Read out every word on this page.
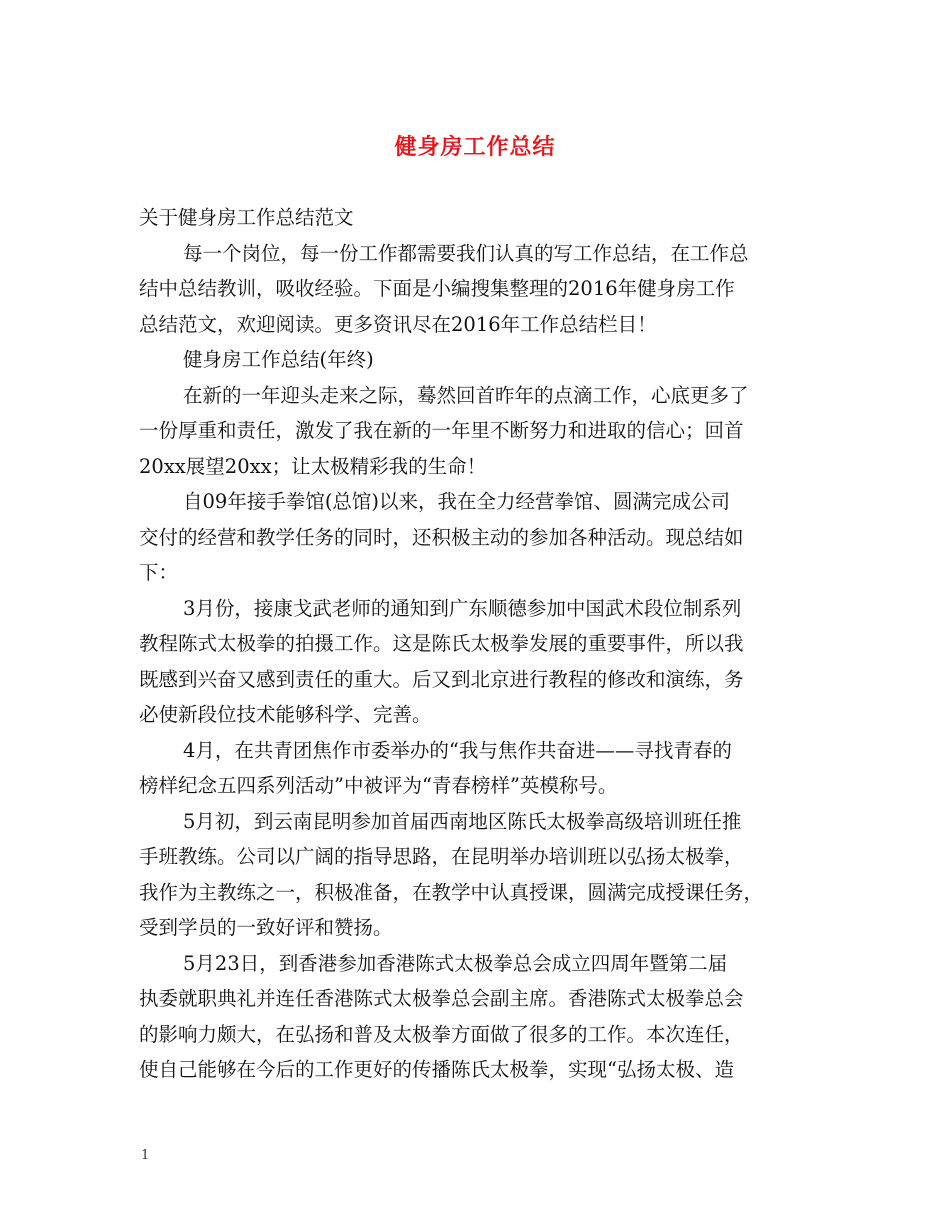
健身房工作总结
关于健身房工作总结范文
每一个岗位，每一份工作都需要我们认真的写工作总结，在工作总
结中总结教训，吸收经验。下面是小编搜集整理的2016年健身房工作
总结范文，欢迎阅读。更多资讯尽在2016年工作总结栏目！
健身房工作总结(年终)
在新的一年迎头走来之际，蓦然回首昨年的点滴工作，心底更多了
一份厚重和责任，激发了我在新的一年里不断努力和进取的信心；回首
20xx展望20xx；让太极精彩我的生命！
自09年接手拳馆(总馆)以来，我在全力经营拳馆、圆满完成公司
交付的经营和教学任务的同时，还积极主动的参加各种活动。现总结如
下：
3月份，接康戈武老师的通知到广东顺德参加中国武术段位制系列
教程陈式太极拳的拍摄工作。这是陈氏太极拳发展的重要事件，所以我
既感到兴奋又感到责任的重大。后又到北京进行教程的修改和演练，务
必使新段位技术能够科学、完善。
4月，在共青团焦作市委举办的“我与焦作共奋进——寻找青春的
榜样纪念五四系列活动”中被评为“青春榜样”英模称号。
5月初，到云南昆明参加首届西南地区陈氏太极拳高级培训班任推
手班教练。公司以广阔的指导思路，在昆明举办培训班以弘扬太极拳，
我作为主教练之一，积极准备，在教学中认真授课，圆满完成授课任务，
受到学员的一致好评和赞扬。
5月23日，到香港参加香港陈式太极拳总会成立四周年暨第二届
执委就职典礼并连任香港陈式太极拳总会副主席。香港陈式太极拳总会
的影响力颇大，在弘扬和普及太极拳方面做了很多的工作。本次连任，
使自己能够在今后的工作更好的传播陈氏太极拳，实现“弘扬太极、造
1
